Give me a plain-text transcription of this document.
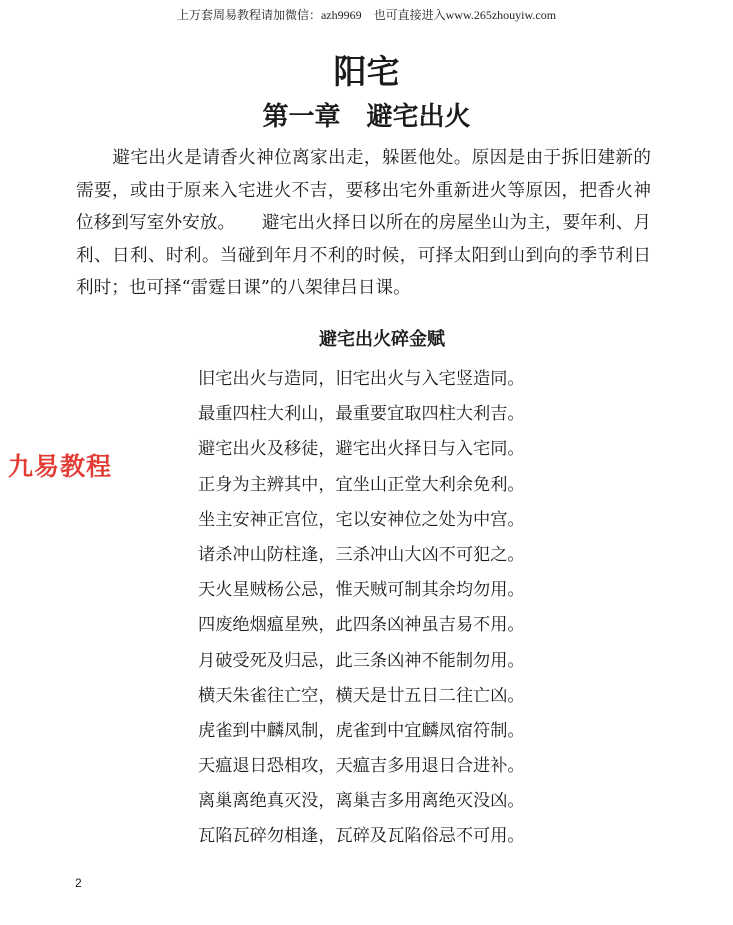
上万套周易教程请加微信：azh9969　也可直接进入www.265zhouyiw.com
阳宅
第一章　避宅出火
避宅出火是请香火神位离家出走，躲匿他处。原因是由于拆旧建新的需要，或由于原来入宅进火不吉，要移出宅外重新进火等原因，把香火神位移到写室外安放。　　避宅出火择日以所在的房屋坐山为主，要年利、月利、日利、时利。当碰到年月不利的时候，可择太阳到山到向的季节利日利时；也可择“雷霆日课”的八架律吕日课。
避宅出火碎金赋
旧宅出火与造同，旧宅出火与入宅竖造同。
最重四柱大利山，最重要宜取四柱大利吉。
避宅出火及移徒，避宅出火择日与入宅同。
正身为主辨其中，宜坐山正堂大利余免利。
坐主安神正宫位，宅以安神位之处为中宫。
诸杀冲山防柱逢，三杀冲山大凶不可犯之。
天火星贼杨公忌，惟天贼可制其余均勿用。
四废绝烟瘟星殃，此四条凶神虽吉易不用。
月破受死及归忌，此三条凶神不能制勿用。
横天朱雀往亡空，横天是廿五日二往亡凶。
虎雀到中麟凤制，虎雀到中宜麟凤宿符制。
天瘟退日恐相攻，天瘟吉多用退日合进补。
离巢离绝真灭没，离巢吉多用离绝灭没凶。
瓦陷瓦碎勿相逢，瓦碎及瓦陷俗忌不可用。
九易教程
2
